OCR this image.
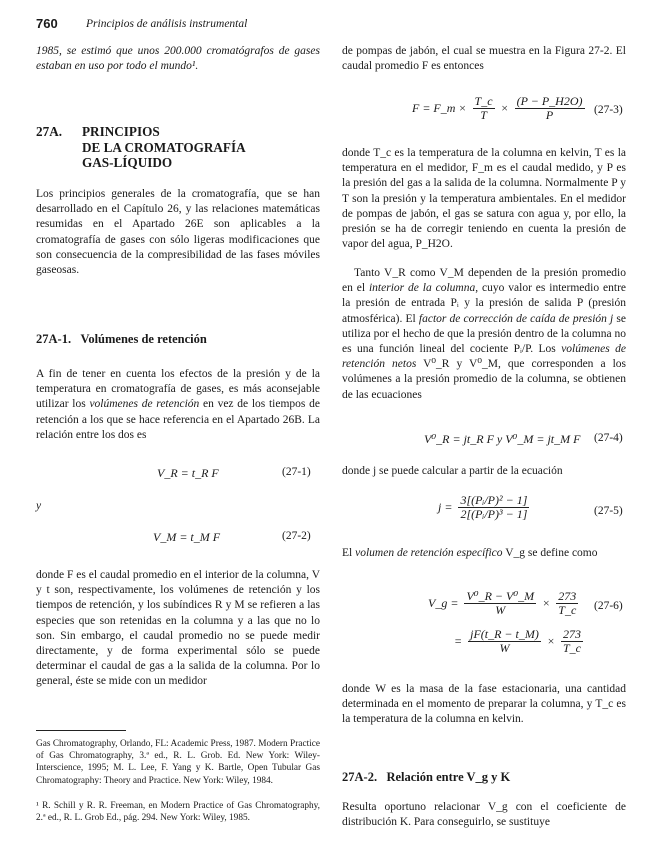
760 Principios de análisis instrumental

1985, se estimó que unos 200.000 cromatógrafos de gases estaban en uso por todo el mundo¹.

27A.	PRINCIPIOS
DE LA CROMATOGRAFÍA
GAS-LÍQUIDO

Los principios generales de la cromatografía, que se han desarrollado en el Capítulo 26, y las relaciones matemáticas resumidas en el Apartado 26E son aplicables a la cromatografía de gases con sólo ligeras modificaciones que son consecuencia de la compresibilidad de las fases móviles gaseosas.

27A-1. Volúmenes de retención

A fin de tener en cuenta los efectos de la presión y de la temperatura en cromatografía de gases, es más aconsejable utilizar los volúmenes de retención en vez de los tiempos de retención a los que se hace referencia en el Apartado 26B. La relación entre los dos es

V_R = t_R F	(27-1)
y
V_M = t_M F	(27-2)

donde F es el caudal promedio en el interior de la columna, V y t son, respectivamente, los volúmenes de retención y los tiempos de retención, y los subíndices R y M se refieren a las especies que son retenidas en la columna y a las que no lo son. Sin embargo, el caudal promedio no se puede medir directamente, y de forma experimental sólo se puede determinar el caudal de gas a la salida de la columna. Por lo general, éste se mide con un medidor

Gas Chromatography, Orlando, FL: Academic Press, 1987. Modern Practice of Gas Chromatography, 3.ª ed., R. L. Grob. Ed. New York: Wiley-Interscience, 1995; M. L. Lee, F. Yang y K. Bartle, Open Tubular Gas Chromatography: Theory and Practice. New York: Wiley, 1984.

¹ R. Schill y R. R. Freeman, en Modern Practice of Gas Chromatography, 2.ª ed., R. L. Grob Ed., pág. 294. New York: Wiley, 1985.

de pompas de jabón, el cual se muestra en la Figura 27-2. El caudal promedio F es entonces

F = F_m × $\frac{T\_c}{T} \times \frac{(P - P\_H2O)}{P} (27-3)$

donde T_c es la temperatura de la columna en kelvin, T es la temperatura en el medidor, F_m es el caudal medido, y P es la presión del gas a la salida de la columna. Normalmente P y T son la presión y la temperatura ambientales. En el medidor de pompas de jabón, el gas se satura con agua y, por ello, la presión se ha de corregir teniendo en cuenta la presión de vapor del agua, P_H2O.

Tanto V_R como V_M dependen de la presión promedio en el interior de la columna, cuyo valor es intermedio entre la presión de entrada Pᵢ y la presión de salida P (presión atmosférica). El factor de corrección de caída de presión j se utiliza por el hecho de que la presión dentro de la columna no es una función lineal del cociente Pᵢ/P. Los volúmenes de retención netos V⁰_R y V⁰_M, que corresponden a los volúmenes a la presión promedio de la columna, se obtienen de las ecuaciones

V⁰_R = jt_R F y V⁰_M = jt_M F (27-4)

donde j se puede calcular a partir de la ecuación

$j = \frac{\text{3[(Pᵢ/P)² − 1]}}{\text{2[(Pᵢ/P)³ − 1]}}$	(27-5)

El volumen de retención específico V_g se define como

V_g = $\frac{\text{V⁰\_R − V⁰\_M}}{W} \times \frac{273}{T\_c} (27-6)$
= $\frac{jF(t\_R - t\_M)}{W} \times \frac{273}{T\_c}$

donde W es la masa de la fase estacionaria, una cantidad determinada en el momento de preparar la columna, y T_c es la temperatura de la columna en kelvin.

27A-2. Relación entre V_g y K

Resulta oportuno relacionar V_g con el coeficiente de distribución K. Para conseguirlo, se sustituye
